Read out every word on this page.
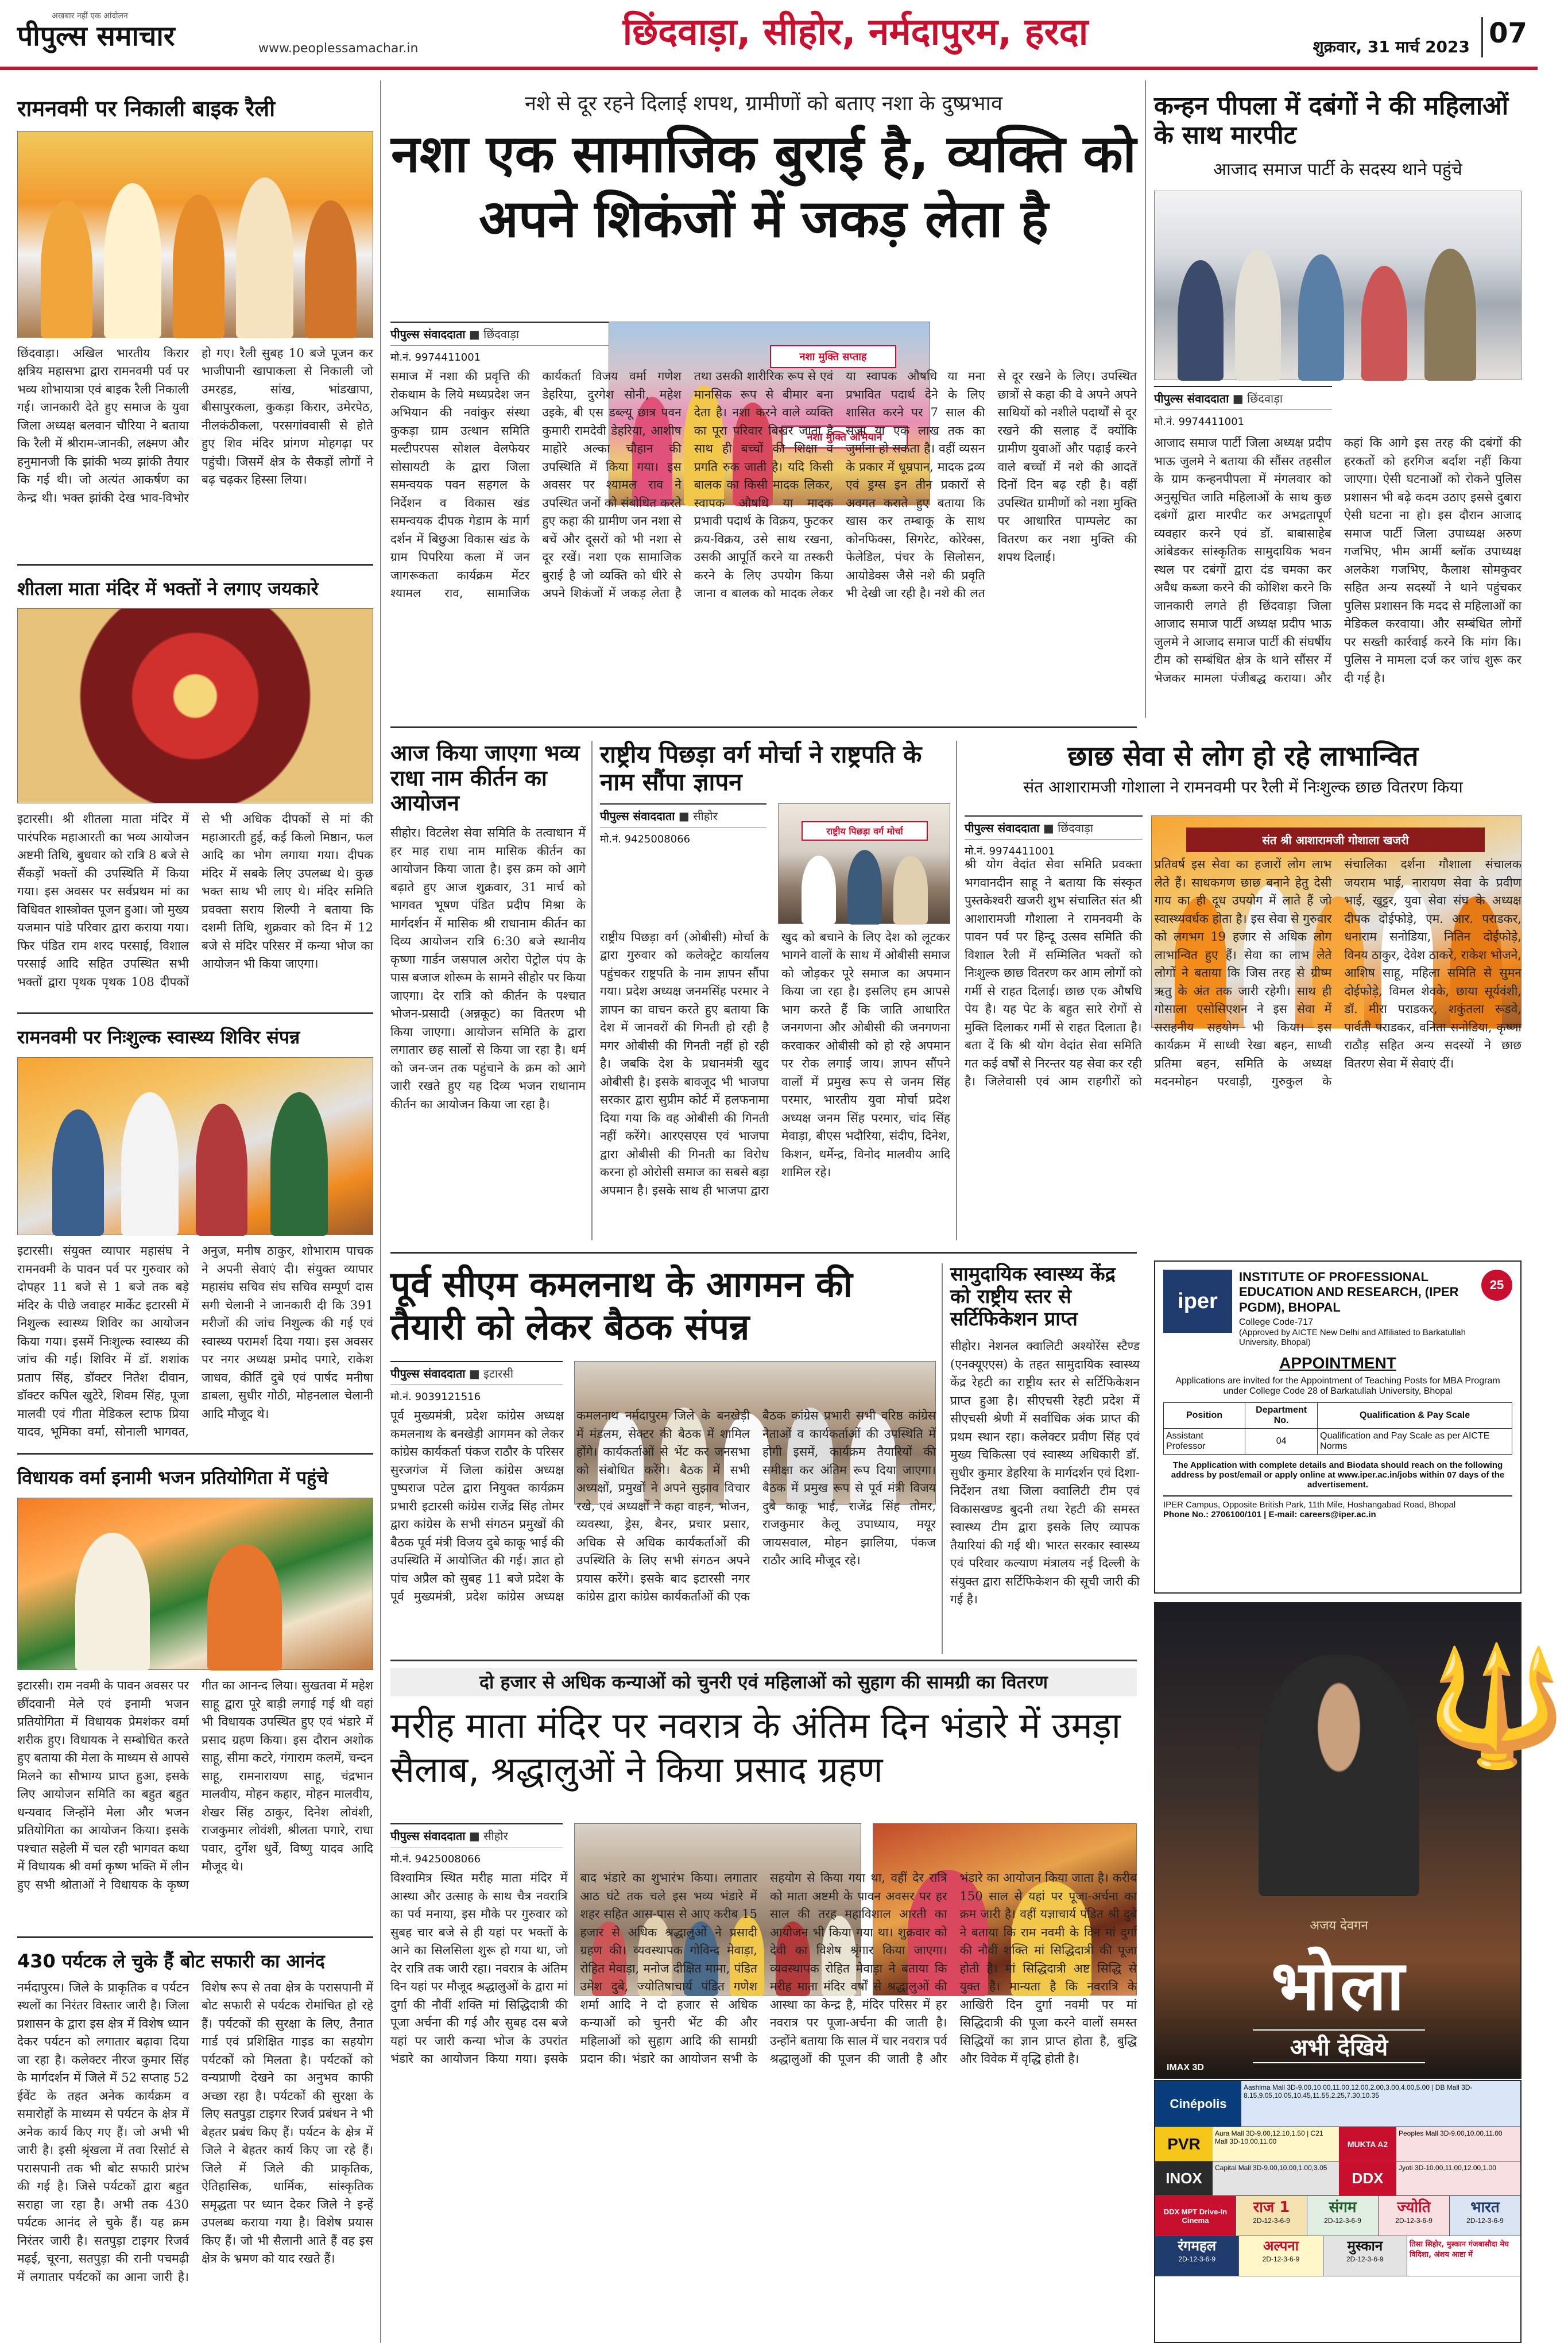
अखबार नहीं एक आंदोलन
पीपुल्स समाचार	www.peoplessamachar.in	छिंदवाड़ा, सीहोर, नर्मदापुरम, हरदा	शुक्रवार, 31 मार्च 2023 07
रामनवमी पर निकाली बाइक रैली
छिंदवाड़ा। अखिल भारतीय किरार क्षत्रिय महासभा द्वारा रामनवमी पर्व पर भव्य शोभायात्रा एवं बाइक रैली निकाली गई। जानकारी देते हुए समाज के युवा जिला अध्यक्ष बलवान चौरिया ने बताया कि रैली में श्रीराम-जानकी, लक्ष्मण और हनुमानजी कि झांकी भव्य झांकी तैयार कि गई थी। जो अत्यंत आकर्षण का केन्द्र थी। भक्त झांकी देख भाव-विभोर हो गए। रैली सुबह 10 बजे पूजन कर भाजीपानी खापाकला से निकाली जो उमरहड, सांख, भांडखापा, बीसापुरकला, कुकड़ा किरार, उमेरपेठ, नीलकंठीकला, परसगांववासी से होते हुए शिव मंदिर प्रांगण मोहगढ़ा पर पहुंची। जिसमें क्षेत्र के सैकड़ों लोगों ने बढ़ चढ़कर हिस्सा लिया।
शीतला माता मंदिर में भक्तों ने लगाए जयकारे
इटारसी। श्री शीतला माता मंदिर में पारंपरिक महाआरती का भव्य आयोजन अष्टमी तिथि, बुधवार को रात्रि 8 बजे से सैंकड़ों भक्तों की उपस्थिति में किया गया। इस अवसर पर सर्वप्रथम मां का विधिवत शास्त्रोक्त पूजन हुआ। जो मुख्य यजमान पांडे परिवार द्वारा कराया गया। फिर पंडित राम शरद परसाई, विशाल परसाई आदि सहित उपस्थित सभी भक्तों द्वारा पृथक पृथक 108 दीपकों से भी अधिक दीपकों से मां की महाआरती हुई, कई किलो मिष्ठान, फल आदि का भोग लगाया गया। दीपक मंदिर में सबके लिए उपलब्ध थे। कुछ भक्त साथ भी लाए थे। मंदिर समिति प्रवक्ता सराय शिल्पी ने बताया कि दशमी तिथि, शुक्रवार को दिन में 12 बजे से मंदिर परिसर में कन्या भोज का आयोजन भी किया जाएगा।
रामनवमी पर निःशुल्क स्वास्थ्य शिविर संपन्न
इटारसी। संयुक्त व्यापार महासंघ ने रामनवमी के पावन पर्व पर गुरुवार को दोपहर 11 बजे से 1 बजे तक बड़े मंदिर के पीछे जवाहर मार्केट इटारसी में निशुल्क स्वास्थ्य शिविर का आयोजन किया गया। इसमें निःशुल्क स्वास्थ्य की जांच की गई। शिविर में डॉ. शशांक प्रताप सिंह, डॉक्टर नितेश दीवान, डॉक्टर कपिल खुटेरे, शिवम सिंह, पूजा मालवी एवं गीता मेडिकल स्टाफ प्रिया यादव, भूमिका वर्मा, सोनाली भागवत, अनुज, मनीष ठाकुर, शोभाराम पाचक ने अपनी सेवाएं दी। संयुक्त व्यापार महासंघ सचिव संघ सचिव सम्पूर्ण दास सगी चेलानी ने जानकारी दी कि 391 मरीजों की जांच निशुल्क की गई एवं स्वास्थ्य परामर्श दिया गया। इस अवसर पर नगर अध्यक्ष प्रमोद पगारे, राकेश जाधव, कीर्ति दुबे एवं पार्षद मनीषा डाबला, सुधीर गोठी, मोहनलाल चेलानी आदि मौजूद थे।
विधायक वर्मा इनामी भजन प्रतियोगिता में पहुंचे
इटारसी। राम नवमी के पावन अवसर पर छींदवानी मेले एवं इनामी भजन प्रतियोगिता में विधायक प्रेमशंकर वर्मा शरीक हुए। विधायक ने सम्बोधित करते हुए बताया की मेला के माध्यम से आपसे मिलने का सौभाग्य प्राप्त हुआ, इसके लिए आयोजन समिति का बहुत बहुत धन्यवाद जिन्होंने मेला और भजन प्रतियोगिता का आयोजन किया। इसके पश्चात सहेली में चल रही भागवत कथा में विधायक श्री वर्मा कृष्ण भक्ति में लीन हुए सभी श्रोताओं ने विधायक के कृष्ण गीत का आनन्द लिया। सुखतवा में महेश साहू द्वारा पूरे बाड़ी लगाई गई थी वहां भी विधायक उपस्थित हुए एवं भंडारे में प्रसाद ग्रहण किया। इस दौरान अशोक साहू, सीमा कटरे, गंगाराम कलमें, चन्दन साहू, रामनारायण साहू, चंद्रभान मालवीय, मोहन कहार, मोहन मालवीय, शेखर सिंह ठाकुर, दिनेश लोवंशी, राजकुमार लोवंशी, श्रीलता पगारे, राधा पवार, दुर्गेश धुर्वे, विष्णु यादव आदि मौजूद थे।
430 पर्यटक ले चुके हैं बोट सफारी का आनंद
नर्मदापुरम। जिले के प्राकृतिक व पर्यटन स्थलों का निरंतर विस्तार जारी है। जिला प्रशासन के द्वारा इस क्षेत्र में विशेष ध्यान देकर पर्यटन को लगातार बढ़ावा दिया जा रहा है। कलेक्टर नीरज कुमार सिंह के मार्गदर्शन में जिले में 52 सप्ताह 52 ईवेंट के तहत अनेक कार्यक्रम व समारोहों के माध्यम से पर्यटन के क्षेत्र में अनेक कार्य किए गए हैं। जो अभी भी जारी है। इसी श्रृंखला में तवा रिसोर्ट से परासपानी तक भी बोट सफारी प्रारंभ की गई है। जिसे पर्यटकों द्वारा बहुत सराहा जा रहा है। अभी तक 430 पर्यटक आनंद ले चुके हैं। यह क्रम निरंतर जारी है। सतपुड़ा टाइगर रिजर्व मढ़ई, चूरना, सतपुड़ा की रानी पचमढ़ी में लगातार पर्यटकों का आना जारी है। विशेष रूप से तवा क्षेत्र के परासपानी में बोट सफारी से पर्यटक रोमांचित हो रहे हैं। पर्यटकों की सुरक्षा के लिए, तैनात गार्ड एवं प्रशिक्षित गाइड का सहयोग पर्यटकों को मिलता है। पर्यटकों को वन्यप्राणी देखने का अनुभव काफी अच्छा रहा है। पर्यटकों की सुरक्षा के लिए सतपुड़ा टाइगर रिजर्व प्रबंधन ने भी बेहतर प्रबंध किए हैं। पर्यटन के क्षेत्र में जिले ने बेहतर कार्य किए जा रहे हैं। जिले में जिले की प्राकृतिक, ऐतिहासिक, धार्मिक, सांस्कृतिक समृद्धता पर ध्यान देकर जिले ने इन्हें उपलब्ध कराया गया है। विशेष प्रयास किए हैं। जो भी सैलानी आते हैं वह इस क्षेत्र के भ्रमण को याद रखते हैं।
नशे से दूर रहने दिलाई शपथ, ग्रामीणों को बताए नशा के दुष्प्रभाव
नशा एक सामाजिक बुराई है, व्यक्ति को अपने शिकंजों में जकड़ लेता है
पीपुल्स संवाददाता ■ छिंदवाड़ा
मो.नं. 9974411001	नशा मुक्ति सप्ताह
नशा मुक्ति अभियान
समाज में नशा की प्रवृत्ति की रोकथाम के लिये मध्यप्रदेश जन अभियान की नवांकुर संस्था कुकड़ा ग्राम उत्थान समिति मल्टीपरपस सोशल वेलफेयर सोसायटी के द्वारा जिला समन्वयक पवन सहगल के निर्देशन व विकास खंड समन्वयक दीपक गेडाम के मार्ग दर्शन में बिछुआ विकास खंड के ग्राम पिपरिया कला में जन जागरूकता कार्यक्रम मेंटर श्यामल राव, सामाजिक कार्यकर्ता विजय वर्मा गणेश डेहरिया, दुरगेश सोनी, महेश उइके, बी एस डब्ल्यू छात्र पवन कुमारी रामदेवी डेहरिया, आशीष माहोरे अल्का चौहान की उपस्थिति में किया गया। इस अवसर पर श्यामल राव ने उपस्थित जनों को संबोधित करते हुए कहा की ग्रामीण जन नशा से बचें और दूसरों को भी नशा से दूर रखें। नशा एक सामाजिक बुराई है जो व्यक्ति को धीरे से अपने शिकंजों में जकड़ लेता है तथा उसकी शारीरिक रूप से एवं मानसिक रूप से बीमार बना देता है। नशा करने वाले व्यक्ति का पूरा परिवार बिखर जाता है साथ ही बच्चों की शिक्षा व प्रगति रुक जाती है। यदि किसी बालक का किसी मादक लिकर, स्वापक औषधि या मादक प्रभावी पदार्थ के विक्रय, फुटकर क्रय-विक्रय, उसे साथ रखना, उसकी आपूर्ति करने या तस्करी करने के लिए उपयोग किया जाना व बालक को मादक लेकर या स्वापक औषधि या मना प्रभावित पदार्थ देने के लिए शासित करने पर 7 साल की सजा या एक लाख तक का जुर्माना हो सकता है। वहीं व्यसन के प्रकार में धूम्रपान, मादक द्रव्य एवं ड्रग्स इन तीन प्रकारों से अवगत कराते हुए बताया कि खास कर तम्बाकू के साथ कोनफिक्स, सिगरेट, कोरेक्स, फेलेडिल, पंचर के सिलोसन, आयोडेक्स जैसे नशे की प्रवृति भी देखी जा रही है। नशे की लत से दूर रखने के लिए। उपस्थित छात्रों से कहा की वे अपने अपने साथियों को नशीले पदार्थों से दूर रखने की सलाह दें क्योंकि ग्रामीण युवाओं और पढ़ाई करने वाले बच्चों में नशे की आदतें दिनों दिन बढ़ रही है। वहीं उपस्थित ग्रामीणों को नशा मुक्ति पर आधारित पाम्पलेट का वितरण कर नशा मुक्ति की शपथ दिलाई।
कन्हन पीपला में दबंगों ने की महिलाओं के साथ मारपीट
आजाद समाज पार्टी के सदस्य थाने पहुंचे
पीपुल्स संवाददाता ■ छिंदवाड़ा
मो.नं. 9974411001
आजाद समाज पार्टी जिला अध्यक्ष प्रदीप भाऊ जुलमे ने बताया की सौंसर तहसील के ग्राम कन्हनपीपला में मंगलवार को अनुसूचित जाति महिलाओं के साथ कुछ दबंगों द्वारा मारपीट कर अभद्रतापूर्ण व्यवहार करने एवं डॉ. बाबासाहेब आंबेडकर सांस्कृतिक सामुदायिक भवन स्थल पर दबंगों द्वारा दंड चमका कर अवैध कब्जा करने की कोशिश करने कि जानकारी लगते ही छिंदवाड़ा जिला आजाद समाज पार्टी अध्यक्ष प्रदीप भाऊ जुलमे ने आजाद समाज पार्टी की संघर्षीय टीम को सम्बंधित क्षेत्र के थाने सौंसर में भेजकर मामला पंजीबद्ध कराया। और कहां कि आगे इस तरह की दबंगों की हरकतों को हरगिज बर्दाश नहीं किया जाएगा। ऐसी घटनाओं को रोकने पुलिस प्रशासन भी बढ़े कदम उठाए इससे दुबारा ऐसी घटना ना हो। इस दौरान आजाद समाज पार्टी जिला उपाध्यक्ष अरुण गजभिए, भीम आर्मी ब्लॉक उपाध्यक्ष अलकेश गजभिए, कैलाश सोमकुवर सहित अन्य सदस्यों ने थाने पहुंचकर पुलिस प्रशासन कि मदद से महिलाओं का मेडिकल करवाया। और सम्बंधित लोगों पर सख्ती कार्रवाई करने कि मांग कि। पुलिस ने मामला दर्ज कर जांच शुरू कर दी गई है।
आज किया जाएगा भव्य राधा नाम कीर्तन का आयोजन
सीहोर। विटलेश सेवा समिति के तत्वाधान में हर माह राधा नाम मासिक कीर्तन का आयोजन किया जाता है। इस क्रम को आगे बढ़ाते हुए आज शुक्रवार, 31 मार्च को भागवत भूषण पंडित प्रदीप मिश्रा के मार्गदर्शन में मासिक श्री राधानाम कीर्तन का दिव्य आयोजन रात्रि 6:30 बजे स्थानीय कृष्णा गार्डन जसपाल अरोरा पेट्रोल पंप के पास बजाज शोरूम के सामने सीहोर पर किया जाएगा। देर रात्रि को कीर्तन के पश्चात भोजन-प्रसादी (अन्नकूट) का वितरण भी किया जाएगा। आयोजन समिति के द्वारा लगातार छह सालों से किया जा रहा है। धर्म को जन-जन तक पहुंचाने के क्रम को आगे जारी रखते हुए यह दिव्य भजन राधानाम कीर्तन का आयोजन किया जा रहा है।
राष्ट्रीय पिछड़ा वर्ग मोर्चा ने राष्ट्रपति के नाम सौंपा ज्ञापन
पीपुल्स संवाददाता ■ सीहोर
मो.नं. 9425008066
राष्ट्रीय पिछड़ा वर्ग मोर्चा
राष्ट्रीय पिछड़ा वर्ग (ओबीसी) मोर्चा के द्वारा गुरुवार को कलेक्ट्रेट कार्यालय पहुंचकर राष्ट्रपति के नाम ज्ञापन सौंपा गया। प्रदेश अध्यक्ष जनमसिंह परमार ने ज्ञापन का वाचन करते हुए बताया कि देश में जानवरों की गिनती हो रही है मगर ओबीसी की गिनती नहीं हो रही है। जबकि देश के प्रधानमंत्री खुद ओबीसी है। इसके बावजूद भी भाजपा सरकार द्वारा सुप्रीम कोर्ट में हलफनामा दिया गया कि वह ओबीसी की गिनती नहीं करेंगे। आरएसएस एवं भाजपा द्वारा ओबीसी की गिनती का विरोध करना हो ओरोसी समाज का सबसे बड़ा अपमान है। इसके साथ ही भाजपा द्वारा खुद को बचाने के लिए देश को लूटकर भागने वालों के साथ में ओबीसी समाज को जोड़कर पूरे समाज का अपमान किया जा रहा है। इसलिए हम आपसे भाग करते हैं कि जाति आधारित जनगणना और ओबीसी की जनगणना करवाकर ओबीसी को हो रहे अपमान पर रोक लगाई जाय। ज्ञापन सौंपने वालों में प्रमुख रूप से जनम सिंह परमार, भारतीय युवा मोर्चा प्रदेश अध्यक्ष जनम सिंह परमार, चांद सिंह मेवाड़ा, बीएस भदौरिया, संदीप, दिनेश, किशन, धर्मेन्द्र, विनोद मालवीय आदि शामिल रहे।
छाछ सेवा से लोग हो रहे लाभान्वित
संत आशारामजी गोशाला ने रामनवमी पर रैली में निःशुल्क छाछ वितरण किया
पीपुल्स संवाददाता ■ छिंदवाड़ा
मो.नं. 9974411001
संत श्री आशारामजी गोशाला खजरी
श्री योग वेदांत सेवा समिति प्रवक्ता भगवानदीन साहू ने बताया कि संस्कृत पुस्तकेश्वरी खजरी शुभ संचालित संत श्री आशारामजी गौशाला ने रामनवमी के पावन पर्व पर हिन्दू उत्सव समिति की विशाल रैली में सम्मिलित भक्तों को निःशुल्क छाछ वितरण कर आम लोगों को गर्मी से राहत दिलाई। छाछ एक औषधि पेय है। यह पेट के बहुत सारे रोगों से मुक्ति दिलाकर गर्मी से राहत दिलाता है। बता दें कि श्री योग वेदांत सेवा समिति गत कई वर्षों से निरन्तर यह सेवा कर रही है। जिलेवासी एवं आम राहगीरों को प्रतिवर्ष इस सेवा का हजारों लोग लाभ लेते हैं। साधकगण छाछ बनाने हेतु देसी गाय का ही दूध उपयोग में लाते हैं जो स्वास्थ्यवर्धक होता है। इस सेवा से गुरुवार को लगभग 19 हजार से अधिक लोग लाभान्वित हुए हैं। सेवा का लाभ लेते लोगों ने बताया कि जिस तरह से ग्रीष्म ऋतु के अंत तक जारी रहेगी। साथ ही गोसाला एसोसिएशन ने इस सेवा में सराहनीय सहयोग भी किया। इस कार्यक्रम में साध्वी रेखा बहन, साध्वी प्रतिमा बहन, समिति के अध्यक्ष मदनमोहन परवाड़ी, गुरुकुल के संचालिका दर्शना गौशाला संचालक जयराम भाई, नारायण सेवा के प्रवीण भाई, खुट्टर, युवा सेवा संघ के अध्यक्ष दीपक दोईफोड़े, एम. आर. पराडकर, धनाराम सनोडिया, नितिन दोईफोड़े, विनय ठाकुर, देवेश ठाकरे, राकेश भोजने, आशिष साहू, महिला समिति से सुमन दोईफोड़े, विमल शेवके, छाया सूर्यवंशी, डॉ. मीरा पराडकर, शकुंतला रूडवे, पार्वती पराडकर, वनिता सनोडिया, कृष्णा राठौड़ सहित अन्य सदस्यों ने छाछ वितरण सेवा में सेवाएं दीं।
पूर्व सीएम कमलनाथ के आगमन की तैयारी को लेकर बैठक संपन्न
पीपुल्स संवाददाता ■ इटारसी
मो.नं. 9039121516
पूर्व मुख्यमंत्री, प्रदेश कांग्रेस अध्यक्ष कमलनाथ के बनखेड़ी आगमन को लेकर कांग्रेस कार्यकर्ता पंकज राठौर के परिसर सुरजगंज में जिला कांग्रेस अध्यक्ष पुष्पराज पटेल द्वारा नियुक्त कार्यक्रम प्रभारी इटारसी कांग्रेस राजेंद्र सिंह तोमर द्वारा कांग्रेस के सभी संगठन प्रमुखों की बैठक पूर्व मंत्री विजय दुबे काकू भाई की उपस्थिति में आयोजित की गई। ज्ञात हो पांच अप्रैल को सुबह 11 बजे प्रदेश के पूर्व मुख्यमंत्री, प्रदेश कांग्रेस अध्यक्ष कमलनाथ नर्मदापुरम जिले के बनखेड़ी में मंडलम, सेक्टर की बैठक में शामिल होंगे। कार्यकर्ताओं से भेंट कर जनसभा को संबोधित करेंगे। बैठक में सभी अध्यक्षों, प्रमुखों ने अपने सुझाव विचार रखे, एवं अध्यक्षों ने कहा वाहन, भोजन, व्यवस्था, ड्रेस, बैनर, प्रचार प्रसार, अधिक से अधिक कार्यकर्ताओं की उपस्थिति के लिए सभी संगठन अपने प्रयास करेंगे। इसके बाद इटारसी नगर कांग्रेस द्वारा कांग्रेस कार्यकर्ताओं की एक बैठक कांग्रेस प्रभारी सभी वरिष्ठ कांग्रेस नेताओं व कार्यकर्ताओं की उपस्थिति में होगी इसमें, कार्यक्रम तैयारियों की समीक्षा कर अंतिम रूप दिया जाएगा। बैठक में प्रमुख रूप से पूर्व मंत्री विजय दुबे काकू भाई, राजेंद्र सिंह तोमर, राजकुमार केलू उपाध्याय, मयूर जायसवाल, मोहन झालिया, पंकज राठौर आदि मौजूद रहे।
सामुदायिक स्वास्थ्य केंद्र को राष्ट्रीय स्तर से सर्टिफिकेशन प्राप्त
सीहोर। नेशनल क्वालिटी अश्योरेंस स्टैण्ड (एनक्यूएएस) के तहत सामुदायिक स्वास्थ्य केंद्र रेहटी का राष्ट्रीय स्तर से सर्टिफिकेशन प्राप्त हुआ है। सीएचसी रेहटी प्रदेश में सीएचसी श्रेणी में सर्वाधिक अंक प्राप्त की प्रथम स्थान रहा। कलेक्टर प्रवीण सिंह एवं मुख्य चिकित्सा एवं स्वास्थ्य अधिकारी डॉ. सुधीर कुमार डेहरिया के मार्गदर्शन एवं दिशा-निर्देशन तथा जिला क्वालिटी टीम एवं विकासखण्ड बुदनी तथा रेहटी की समस्त स्वास्थ्य टीम द्वारा इसके लिए व्यापक तैयारियां की गई थी। भारत सरकार स्वास्थ्य एवं परिवार कल्याण मंत्रालय नई दिल्ली के संयुक्त द्वारा सर्टिफिकेशन की सूची जारी की गई है।
iper
INSTITUTE OF PROFESSIONAL EDUCATION AND RESEARCH, (IPER PGDM), BHOPAL
College Code-717
(Approved by AICTE New Delhi and Affiliated to Barkatullah University, Bhopal)
25
APPOINTMENT
Applications are invited for the Appointment of Teaching Posts for MBA Program under College Code 28 of Barkatullah University, Bhopal
Position	Department No.	Qualification & Pay Scale
Assistant Professor	04	Qualification and Pay Scale as per AICTE Norms
The Application with complete details and Biodata should reach on the following address by post/email or apply online at www.iper.ac.in/jobs within 07 days of the advertisement.
IPER Campus, Opposite British Park, 11th Mile, Hoshangabad Road, Bhopal
Phone No.: 2706100/101 | E-mail: careers@iper.ac.in
🔱
अजय देवगन
भोला
अभी देखिये
IMAX 3D
Cinépolis
Aashima Mall 3D-9.00,10.00,11.00,12.00,2.00,3.00,4.00,5.00 | DB Mall 3D-8.15,9.05,10.05,10.45,11.55,2.25,7.30,10.35
PVR
Aura Mall 3D-9.00,12.10,1.50 | C21 Mall 3D-10.00,11.00	MUKTA A2
Peoples Mall 3D-9.00,10.00,11.00
INOX
Capital Mall 3D-9.00,10.00,1.00,3.05
DDX
Jyoti 3D-10.00,11.00,12.00,1.00
DDX MPT Drive-In Cinema
राज 1
2D-12-3-6-9
संगम
2D-12-3-6-9
ज्योति
2D-12-3-6-9
भारत
2D-12-3-6-9
रंगमहल
2D-12-3-6-9
अल्पना
2D-12-3-6-9
मुस्कान
2D-12-3-6-9
तिसा सिहोर, मुस्कान गंजबासौदा मेघ विदिशा, अंशय आष्टा में
दो हजार से अधिक कन्याओं को चुनरी एवं महिलाओं को सुहाग की सामग्री का वितरण
मरीह माता मंदिर पर नवरात्र के अंतिम दिन भंडारे में उमड़ा सैलाब, श्रद्धालुओं ने किया प्रसाद ग्रहण
पीपुल्स संवाददाता ■ सीहोर
मो.नं. 9425008066
विश्वामित्र स्थित मरीह माता मंदिर में आस्था और उत्साह के साथ चैत्र नवरात्रि का पर्व मनाया, इस मौके पर गुरुवार को सुबह चार बजे से ही यहां पर भक्तों के आने का सिलसिला शुरू हो गया था, जो देर रात्रि तक जारी रहा। नवरात्र के अंतिम दिन यहां पर मौजूद श्रद्धालुओं के द्वारा मां दुर्गा की नौवीं शक्ति मां सिद्धिदात्री की पूजा अर्चना की गई और सुबह दस बजे यहां पर जारी कन्या भोज के उपरांत भंडारे का आयोजन किया गया। इसके बाद भंडारे का शुभारंभ किया। लगातार आठ घंटे तक चले इस भव्य भंडारे में शहर सहित आस-पास से आए करीब 15 हजार से अधिक श्रद्धालुओं ने प्रसादी ग्रहण की। व्यवस्थापक गोविन्द मेवाड़ा, रोहित मेवाड़ा, मनोज दीक्षित मामा, पंडित उमेश दुबे, ज्योतिषाचार्य पंडित गणेश शर्मा आदि ने दो हजार से अधिक कन्याओं को चुनरी भेंट की और महिलाओं को सुहाग आदि की सामग्री प्रदान की। भंडारे का आयोजन सभी के सहयोग से किया गया था, वहीं देर रात्रि को माता अष्टमी के पावन अवसर पर हर साल की तरह महाविशाल आरती का आयोजन भी किया गया था। शुक्रवार को देवी का विशेष श्रृंगार किया जाएगा। व्यवस्थापक रोहित मेवाड़ा ने बताया कि मरीह माता मंदिर वर्षों से श्रद्धालुओं की आस्था का केन्द्र है, मंदिर परिसर में हर नवरात्र पर पूजा-अर्चना की जाती है। उन्होंने बताया कि साल में चार नवरात्र पर्व श्रद्धालुओं की पूजन की जाती है और भंडारे का आयोजन किया जाता है। करीब 150 साल से यहां पर पूजा-अर्चना का क्रम जारी है। वहीं यज्ञाचार्य पंडित श्री दुबे ने बताया कि राम नवमी के दिन मां दुर्गा की नौवीं शक्ति मां सिद्धिदात्री की पूजा होती है। मां सिद्धिदात्री अष्ट सिद्धि से युक्त है। मान्यता है कि नवरात्रि के आखिरी दिन दुर्गा नवमी पर मां सिद्धिदात्री की पूजा करने वालों समस्त सिद्धियों का ज्ञान प्राप्त होता है, बुद्धि और विवेक में वृद्धि होती है।
